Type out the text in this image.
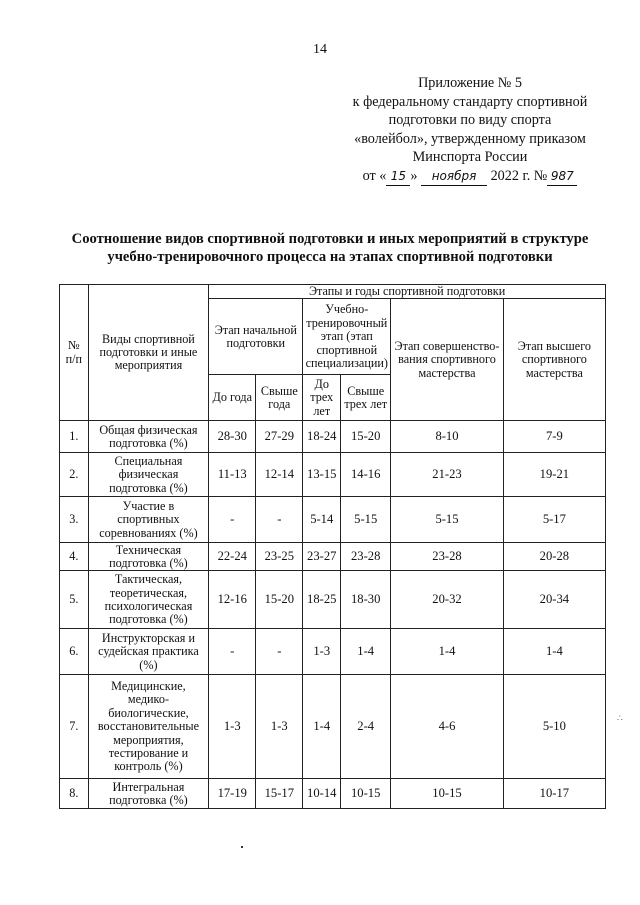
14
Приложение № 5
к федеральному стандарту спортивной
подготовки по виду спорта
«волейбол», утвержденному приказом
Минспорта России
от « 15 » ноября 2022 г. № 987
Соотношение видов спортивной подготовки и иных мероприятий в структуре
учебно-тренировочного процесса на этапах спортивной подготовки
№ п/п	Виды спортивной подготовки и иные мероприятия	Этапы и годы спортивной подготовки					
		Этап начальной подготовки		Учебно-тренировочный этап (этап спортивной специализации)		Этап совершенство-вания спортивного мастерства	Этап высшего спортивного мастерства
		До года	Свыше года	До трех лет	Свыше трех лет		
1.	Общая физическая подготовка (%)	28-30	27-29	18-24	15-20	8-10	7-9
2.	Специальная физическая подготовка (%)	11-13	12-14	13-15	14-16	21-23	19-21
3.	Участие в спортивных соревнованиях (%)	-	-	5-14	5-15	5-15	5-17
4.	Техническая подготовка (%)	22-24	23-25	23-27	23-28	23-28	20-28
5.	Тактическая, теоретическая, психологическая подготовка (%)	12-16	15-20	18-25	18-30	20-32	20-34
6.	Инструкторская и судейская практика (%)	-	-	1-3	1-4	1-4	1-4
7.	Медицинские, медико-биологические, восстановительные мероприятия, тестирование и контроль (%)	1-3	1-3	1-4	2-4	4-6	5-10
8.	Интегральная подготовка (%)	17-19	15-17	10-14	10-15	10-15	10-17
∴
